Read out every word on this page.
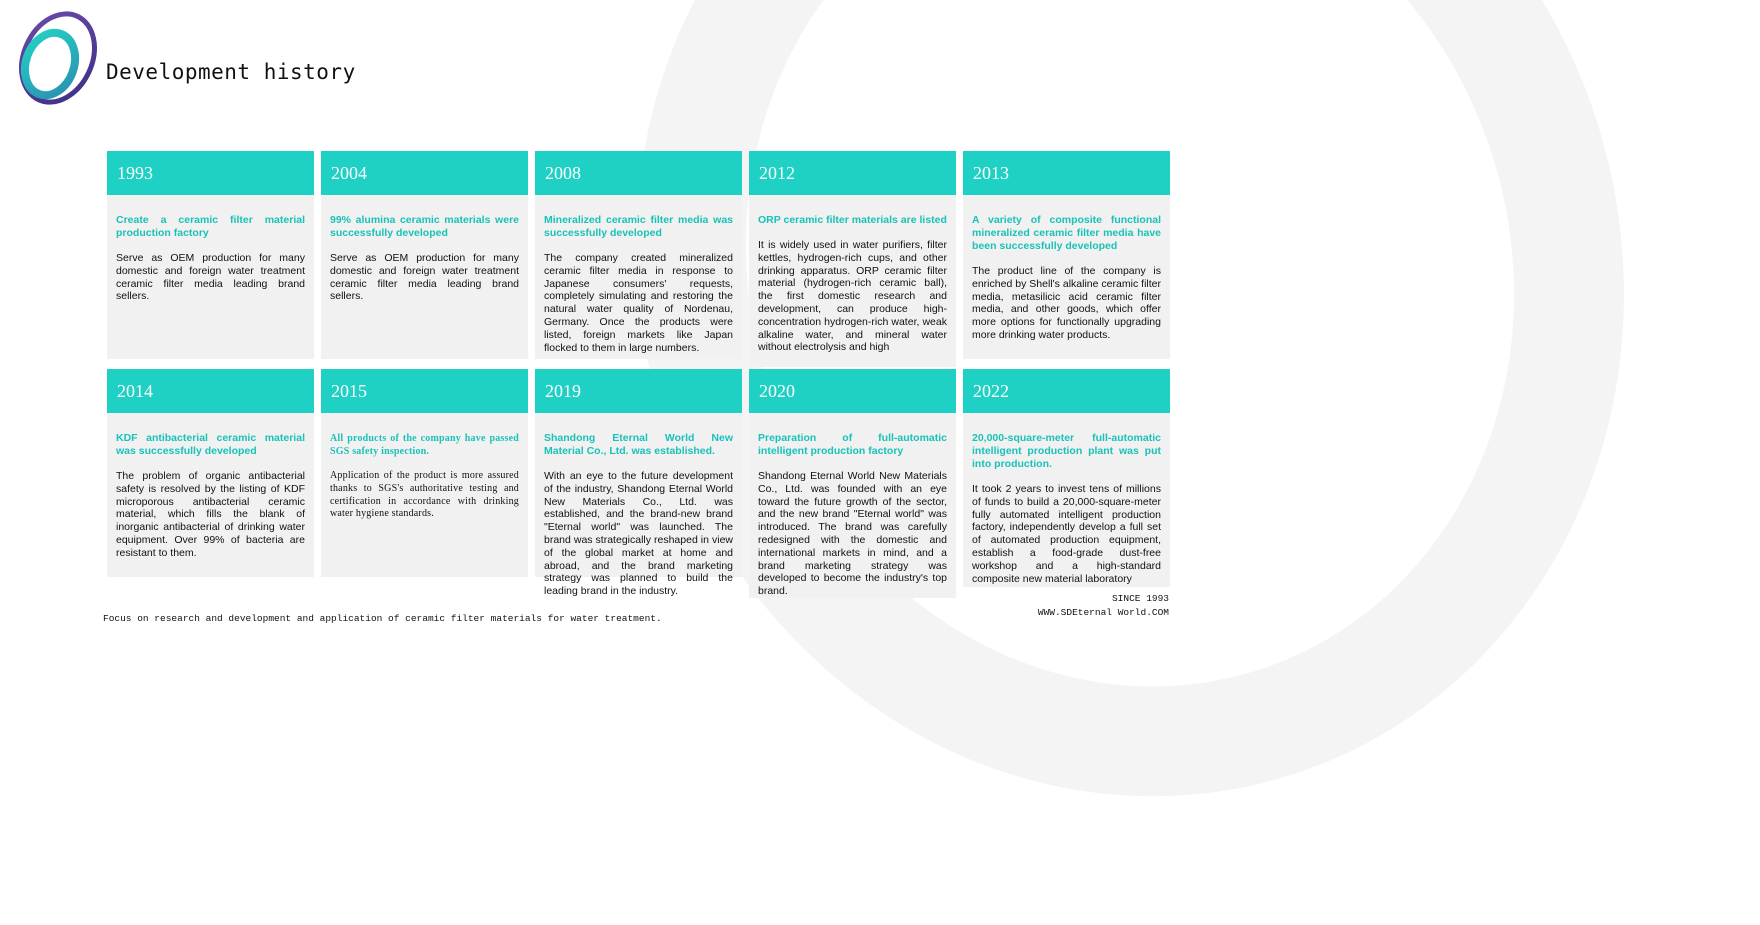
Development history
1993

Create a ceramic filter material production factory

Serve as OEM production for many domestic and foreign water treatment ceramic filter media leading brand sellers.

2004

99% alumina ceramic materials were successfully developed

Serve as OEM production for many domestic and foreign water treatment ceramic filter media leading brand sellers.

2008

Mineralized ceramic filter media was successfully developed

The company created mineralized ceramic filter media in response to Japanese consumers' requests, completely simulating and restoring the natural water quality of Nordenau, Germany. Once the products were listed, foreign markets like Japan flocked to them in large numbers.

2012

ORP ceramic filter materials are listed

It is widely used in water purifiers, filter kettles, hydrogen-rich cups, and other drinking apparatus. ORP ceramic filter material (hydrogen-rich ceramic ball), the first domestic research and development, can produce high-concentration hydrogen-rich water, weak alkaline water, and mineral water without electrolysis and high

2013

A variety of composite functional mineralized ceramic filter media have been successfully developed

The product line of the company is enriched by Shell's alkaline ceramic filter media, metasilicic acid ceramic filter media, and other goods, which offer more options for functionally upgrading more drinking water products.

2014

KDF antibacterial ceramic material was successfully developed

The problem of organic antibacterial safety is resolved by the listing of KDF microporous antibacterial ceramic material, which fills the blank of inorganic antibacterial of drinking water equipment. Over 99% of bacteria are resistant to them.

2015

All products of the company have passed SGS safety inspection.

Application of the product is more assured thanks to SGS's authoritative testing and certification in accordance with drinking water hygiene standards.

2019

Shandong Eternal World New Material Co., Ltd. was established.

With an eye to the future development of the industry, Shandong Eternal World New Materials Co., Ltd. was established, and the brand-new brand "Eternal world" was launched. The brand was strategically reshaped in view of the global market at home and abroad, and the brand marketing strategy was planned to build the leading brand in the industry.

2020

Preparation of full-automatic intelligent production factory

Shandong Eternal World New Materials Co., Ltd. was founded with an eye toward the future growth of the sector, and the new brand "Eternal world" was introduced. The brand was carefully redesigned with the domestic and international markets in mind, and a brand marketing strategy was developed to become the industry's top brand.

2022

20,000-square-meter full-automatic intelligent production plant was put into production.

It took 2 years to invest tens of millions of funds to build a 20,000-square-meter fully automated intelligent production factory, independently develop a full set of automated production equipment, establish a food-grade dust-free workshop and a high-standard composite new material laboratory

SINCE 1993
WWW.SDEternal World.COM
Focus on research and development and application of ceramic filter materials for water treatment.
